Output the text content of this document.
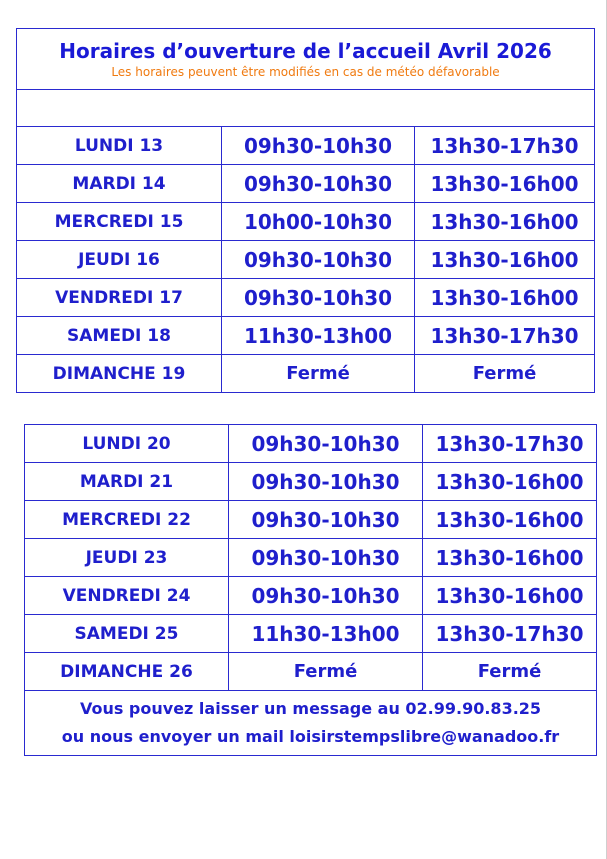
Horaires d’ouverture de l’accueil Avril 2026
Les horaires peuvent être modifiés en cas de météo défavorable		

LUNDI 13	09h30-10h30	13h30-17h30
MARDI 14	09h30-10h30	13h30-16h00
MERCREDI 15	10h00-10h30	13h30-16h00
JEUDI 16	09h30-10h30	13h30-16h00
VENDREDI 17	09h30-10h30	13h30-16h00
SAMEDI 18	11h30-13h00	13h30-17h30
DIMANCHE 19	Fermé	Fermé
LUNDI 20	09h30-10h30	13h30-17h30
MARDI 21	09h30-10h30	13h30-16h00
MERCREDI 22	09h30-10h30	13h30-16h00
JEUDI 23	09h30-10h30	13h30-16h00
VENDREDI 24	09h30-10h30	13h30-16h00
SAMEDI 25	11h30-13h00	13h30-17h30
DIMANCHE 26	Fermé	Fermé

Vous pouvez laisser un message au 02.99.90.83.25
ou nous envoyer un mail loisirstempslibre@wanadoo.fr		
